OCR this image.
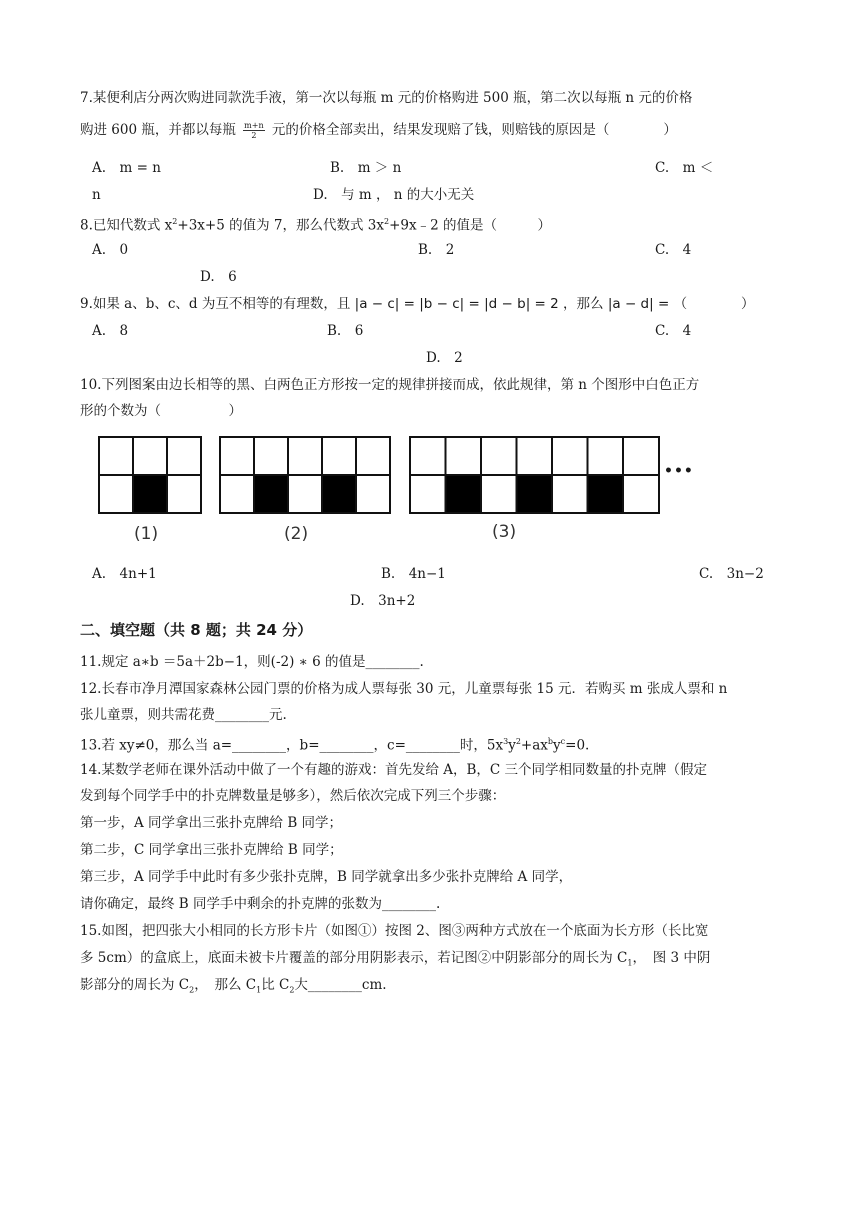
7.某便利店分两次购进同款洗手液，第一次以每瓶 m 元的价格购进 500 瓶，第二次以每瓶 n 元的价格
购进 600 瓶，并都以每瓶 $\frac{m+n}{2}$ 元的价格全部卖出，结果发现赔了钱，则赔钱的原因是（　　　　）
A.　m = n	B.　m ＞ n	C.　m ＜
n	D.　与 m ， n 的大小无关
8.已知代数式 $x^2+3x+5$ 的值为 7，那么代数式 $3x^2+9x﹣2$ 的值是（　　　）
A.　0	B.　2	C.　4
D.　6
9.如果 a、b、c、d 为互不相等的有理数，且 |a − c| = |b − c| = |d − b| = 2 ，那么 |a − d| = （　　　　）
A.　8	B.　6	C.　4
D.　2
10.下列图案由边长相等的黑、白两色正方形按一定的规律拼接而成，依此规律，第 n 个图形中白色正方
形的个数为（　　　　　）
(1)	(2)	(3)
•••
A.　4n+1	B.　4n−1	C.　3n−2
D.　3n+2
二、填空题（共 8 题；共 24 分）
11.规定 a∗b ＝5a＋2b−1，则(-2) ∗ 6 的值是________.
12.长春市净月潭国家森林公园门票的价格为成人票每张 30 元，儿童票每张 15 元．若购买 m 张成人票和 n
张儿童票，则共需花费________元.
13.若 xy≠0，那么当 a=________，b=________，c=________时，$5x^3y^2+ax^by^c=0$.
14.某数学老师在课外活动中做了一个有趣的游戏：首先发给 A，B，C 三个同学相同数量的扑克牌（假定
发到每个同学手中的扑克牌数量是够多），然后依次完成下列三个步骤：
第一步，A 同学拿出三张扑克牌给 B 同学；
第二步，C 同学拿出三张扑克牌给 B 同学；
第三步，A 同学手中此时有多少张扑克牌，B 同学就拿出多少张扑克牌给 A 同学，
请你确定，最终 B 同学手中剩余的扑克牌的张数为________.
15.如图，把四张大小相同的长方形卡片（如图①）按图 2、图③两种方式放在一个底面为长方形（长比宽
多 5cm）的盒底上，底面未被卡片覆盖的部分用阴影表示，若记图②中阴影部分的周长为 $C_1$，　图 3 中阴
影部分的周长为 $C_2$，　那么 $C_1$比 $C_2$大________cm.
